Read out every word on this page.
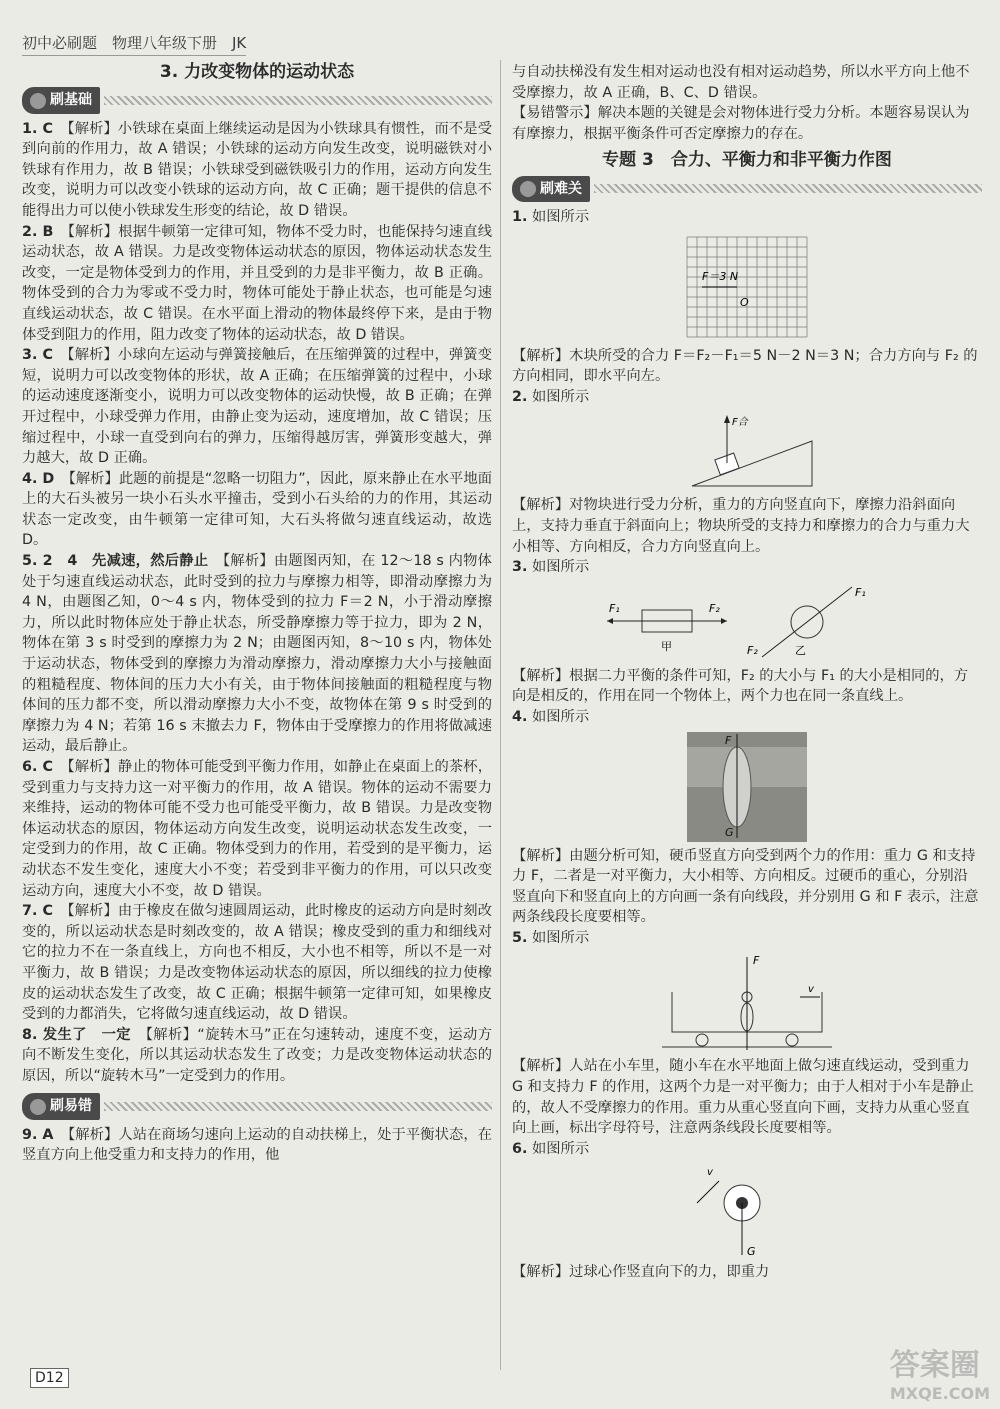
初中必刷题　物理八年级下册　JK
3. 力改变物体的运动状态
刷基础

1. C　 【解析】小铁球在桌面上继续运动是因为小铁球具有惯性，而不是受到向前的作用力，故 A 错误；小铁球的运动方向发生改变，说明磁铁对小铁球有作用力，故 B 错误；小铁球受到磁铁吸引力的作用，运动方向发生改变，说明力可以改变小铁球的运动方向，故 C 正确；题干提供的信息不能得出力可以使小铁球发生形变的结论，故 D 错误。

2. B　 【解析】根据牛顿第一定律可知，物体不受力时，也能保持匀速直线运动状态，故 A 错误。力是改变物体运动状态的原因，物体运动状态发生改变，一定是物体受到力的作用，并且受到的力是非平衡力，故 B 正确。物体受到的合力为零或不受力时，物体可能处于静止状态，也可能是匀速直线运动状态，故 C 错误。在水平面上滑动的物体最终停下来，是由于物体受到阻力的作用，阻力改变了物体的运动状态，故 D 错误。

3. C　 【解析】小球向左运动与弹簧接触后，在压缩弹簧的过程中，弹簧变短，说明力可以改变物体的形状，故 A 正确；在压缩弹簧的过程中，小球的运动速度逐渐变小，说明力可以改变物体的运动快慢，故 B 正确；在弹开过程中，小球受弹力作用，由静止变为运动，速度增加，故 C 错误；压缩过程中，小球一直受到向右的弹力，压缩得越厉害，弹簧形变越大，弹力越大，故 D 正确。

4. D　 【解析】此题的前提是“忽略一切阻力”，因此，原来静止在水平地面上的大石头被另一块小石头水平撞击，受到小石头给的力的作用，其运动状态一定改变，由牛顿第一定律可知，大石头将做匀速直线运动，故选 D。

5. 2　4　先减速，然后静止　 【解析】由题图丙知，在 12～18 s 内物体处于匀速直线运动状态，此时受到的拉力与摩擦力相等，即滑动摩擦力为 4 N，由题图乙知，0～4 s 内，物体受到的拉力 F＝2 N，小于滑动摩擦力，所以此时物体应处于静止状态，所受静摩擦力等于拉力，即为 2 N，物体在第 3 s 时受到的摩擦力为 2 N；由题图丙知，8～10 s 内，物体处于运动状态，物体受到的摩擦力为滑动摩擦力，滑动摩擦力大小与接触面的粗糙程度、物体间的压力大小有关，由于物体间接触面的粗糙程度与物体间的压力都不变，所以滑动摩擦力大小不变，故物体在第 9 s 时受到的摩擦力为 4 N；若第 16 s 末撤去力 F，物体由于受摩擦力的作用将做减速运动，最后静止。

6. C　 【解析】静止的物体可能受到平衡力作用，如静止在桌面上的茶杯，受到重力与支持力这一对平衡力的作用，故 A 错误。物体的运动不需要力来维持，运动的物体可能不受力也可能受平衡力，故 B 错误。力是改变物体运动状态的原因，物体运动方向发生改变，说明运动状态发生改变，一定受到力的作用，故 C 正确。物体受到力的作用，若受到的是平衡力，运动状态不发生变化，速度大小不变；若受到非平衡力的作用，可以只改变运动方向，速度大小不变，故 D 错误。

7. C　 【解析】由于橡皮在做匀速圆周运动，此时橡皮的运动方向是时刻改变的，所以运动状态是时刻改变的，故 A 错误；橡皮受到的重力和细线对它的拉力不在一条直线上，方向也不相反，大小也不相等，所以不是一对平衡力，故 B 错误；力是改变物体运动状态的原因，所以细线的拉力使橡皮的运动状态发生了改变，故 C 正确；根据牛顿第一定律可知，如果橡皮受到的力都消失，它将做匀速直线运动，故 D 错误。

8. 发生了　一定　 【解析】“旋转木马”正在匀速转动，速度不变，运动方向不断发生变化，所以其运动状态发生了改变；力是改变物体运动状态的原因，所以“旋转木马”一定受到力的作用。

刷易错

9. A　 【解析】人站在商场匀速向上运动的自动扶梯上，处于平衡状态，在竖直方向上他受重力和支持力的作用，他

与自动扶梯没有发生相对运动也没有相对运动趋势，所以水平方向上他不受摩擦力，故 A 正确，B、C、D 错误。

【易错警示】解决本题的关键是会对物体进行受力分析。本题容易误认为有摩擦力，根据平衡条件可否定摩擦力的存在。

专题 3　合力、平衡力和非平衡力作图
刷难关
1. 如图所示
F＝3 N
O

【解析】木块所受的合力 F＝F₂－F₁＝5 N－2 N＝3 N；合力方向与 F₂ 的方向相同，即水平向左。

2. 如图所示
F合

【解析】对物块进行受力分析，重力的方向竖直向下，摩擦力沿斜面向上，支持力垂直于斜面向上；物块所受的支持力和摩擦力的合力与重力大小相等、方向相反，合力方向竖直向上。

3. 如图所示
F₁	F₂
甲
F₁
F₂	乙

【解析】根据二力平衡的条件可知，F₂ 的大小与 F₁ 的大小是相同的，方向是相反的，作用在同一个物体上，两个力也在同一条直线上。

4. 如图所示
F
G

【解析】由题分析可知，硬币竖直方向受到两个力的作用：重力 G 和支持力 F，二者是一对平衡力，大小相等、方向相反。过硬币的重心，分别沿竖直向下和竖直向上的方向画一条有向线段，并分别用 G 和 F 表示，注意两条线段长度要相等。

5. 如图所示
F
v

【解析】人站在小车里，随小车在水平地面上做匀速直线运动，受到重力 G 和支持力 F 的作用，这两个力是一对平衡力；由于人相对于小车是静止的，故人不受摩擦力的作用。重力从重心竖直向下画，支持力从重心竖直向上画，标出字母符号，注意两条线段长度要相等。

6. 如图所示
v
G

【解析】过球心作竖直向下的力，即重力

D12	答案圈
MXQE.COM
